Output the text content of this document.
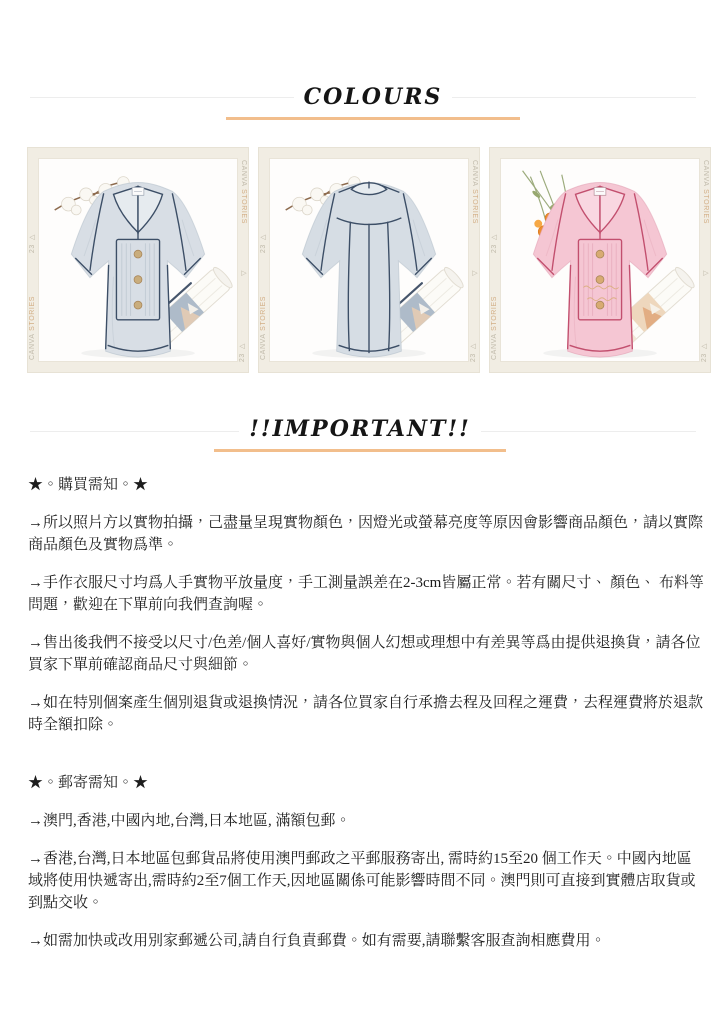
COLOURS
CANVA STORIES
CANVA STORIES
23 ▷
23 ▷
▷
CANVA STORIES
CANVA STORIES
23 ▷
23 ▷
▷
CANVA STORIES
CANVA STORIES
23 ▷
23 ▷
▷
!!IMPORTANT!!

★。購買需知。★

→所以照片方以實物拍攝，己盡量呈現實物顏色，因燈光或螢幕亮度等原因會影響商品顏色，請以實際商品顏色及實物爲準。

→手作衣服尺寸均爲人手實物平放量度，手工測量誤差在2-3cm皆屬正常。若有關尺寸、 顏色、 布料等問題，歡迎在下單前向我們查詢喔。

→售出後我們不接受以尺寸/色差/個人喜好/實物與個人幻想或理想中有差異等爲由提供退換貨，請各位買家下單前確認商品尺寸與細節。

→如在特別個案產生個別退貨或退換情況，請各位買家自行承擔去程及回程之運費，去程運費將於退款時全額扣除。

★。郵寄需知。★

→澳門,香港,中國內地,台灣,日本地區, 滿額包郵。

→香港,台灣,日本地區包郵貨品將使用澳門郵政之平郵服務寄出, 需時約15至20 個工作天。中國內地區域將使用快遞寄出,需時約2至7個工作天,因地區關係可能影響時間不同。澳門則可直接到實體店取貨或到點交收。

→如需加快或改用別家郵遞公司,請自行負責郵費。如有需要,請聯繫客服查詢相應費用。
